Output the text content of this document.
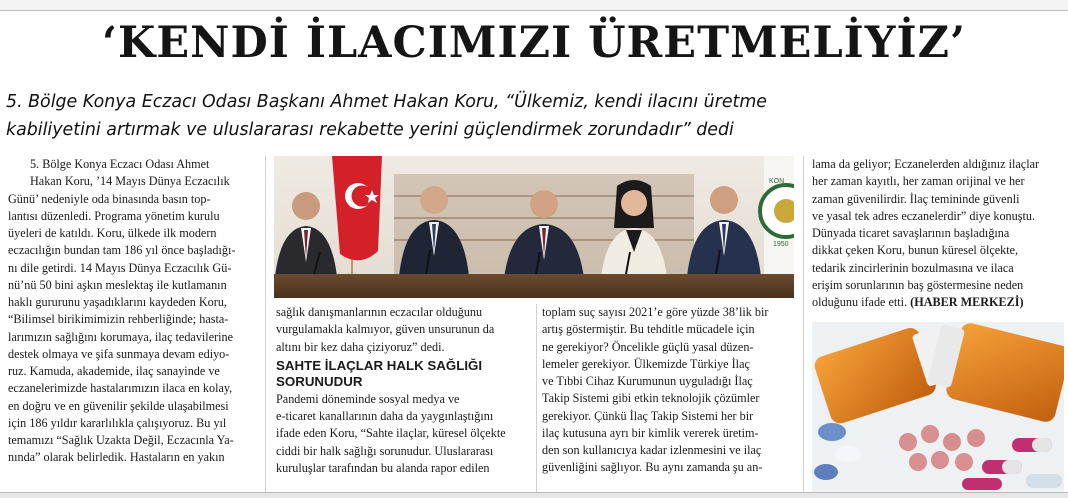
‘KENDİ İLACIMIZI ÜRETMELİYİZ’
5. Bölge Konya Eczacı Odası Başkanı Ahmet Hakan Koru, “Ülkemiz, kendi ilacını üretme
kabiliyetini artırmak ve uluslararası rekabette yerini güçlendirmek zorundadır” dedi

5. Bölge Konya Eczacı Odası Ahmet

Hakan Koru, ’14 Mayıs Dünya Eczacılık

Günü’ nedeniyle oda binasında basın top-

lantısı düzenledi. Programa yönetim kurulu

üyeleri de katıldı. Koru, ülkede ilk modern

eczacılığın bundan tam 186 yıl önce başladığı-

nı dile getirdi. 14 Mayıs Dünya Eczacılık Gü-

nü’nü 50 bini aşkın meslektaş ile kutlamanın

haklı gururunu yaşadıklarını kaydeden Koru,

“Bilimsel birikimimizin rehberliğinde; hasta-

larımızın sağlığını korumaya, ilaç tedavilerine

destek olmaya ve şifa sunmaya devam ediyo-

ruz. Kamuda, akademide, ilaç sanayinde ve

eczanelerimizde hastalarımızın ilaca en kolay,

en doğru ve en güvenilir şekilde ulaşabilmesi

için 186 yıldır kararlılıkla çalışıyoruz. Bu yıl

temamızı “Sağlık Uzakta Değil, Eczacınla Ya-

nında” olarak belirledik. Hastaların en yakın

KON
1950

sağlık danışmanlarının eczacılar olduğunu

vurgulamakla kalmıyor, güven unsurunun da

altını bir kez daha çiziyoruz” dedi.

SAHTE İLAÇLAR HALK SAĞLIĞI
SORUNUDUR

Pandemi döneminde sosyal medya ve

e-ticaret kanallarının daha da yaygınlaştığını

ifade eden Koru, “Sahte ilaçlar, küresel ölçekte

ciddi bir halk sağlığı sorunudur. Uluslararası

kuruluşlar tarafından bu alanda rapor edilen

toplam suç sayısı 2021’e göre yüzde 38’lik bir

artış göstermiştir. Bu tehditle mücadele için

ne gerekiyor? Öncelikle güçlü yasal düzen-

lemeler gerekiyor. Ülkemizde Türkiye İlaç

ve Tıbbi Cihaz Kurumunun uyguladığı İlaç

Takip Sistemi gibi etkin teknolojik çözümler

gerekiyor. Çünkü İlaç Takip Sistemi her bir

ilaç kutusuna ayrı bir kimlik vererek üretim-

den son kullanıcıya kadar izlenmesini ve ilaç

güvenliğini sağlıyor. Bu aynı zamanda şu an-

lama da geliyor; Eczanelerden aldığınız ilaçlar

her zaman kayıtlı, her zaman orijinal ve her

zaman güvenilirdir. İlaç temininde güvenli

ve yasal tek adres eczanelerdir” diye konuştu.

Dünyada ticaret savaşlarının başladığına

dikkat çeken Koru, bunun küresel ölçekte,

tedarik zincirlerinin bozulmasına ve ilaca

erişim sorunlarının baş göstermesine neden

olduğunu ifade etti. (HABER MERKEZİ)
